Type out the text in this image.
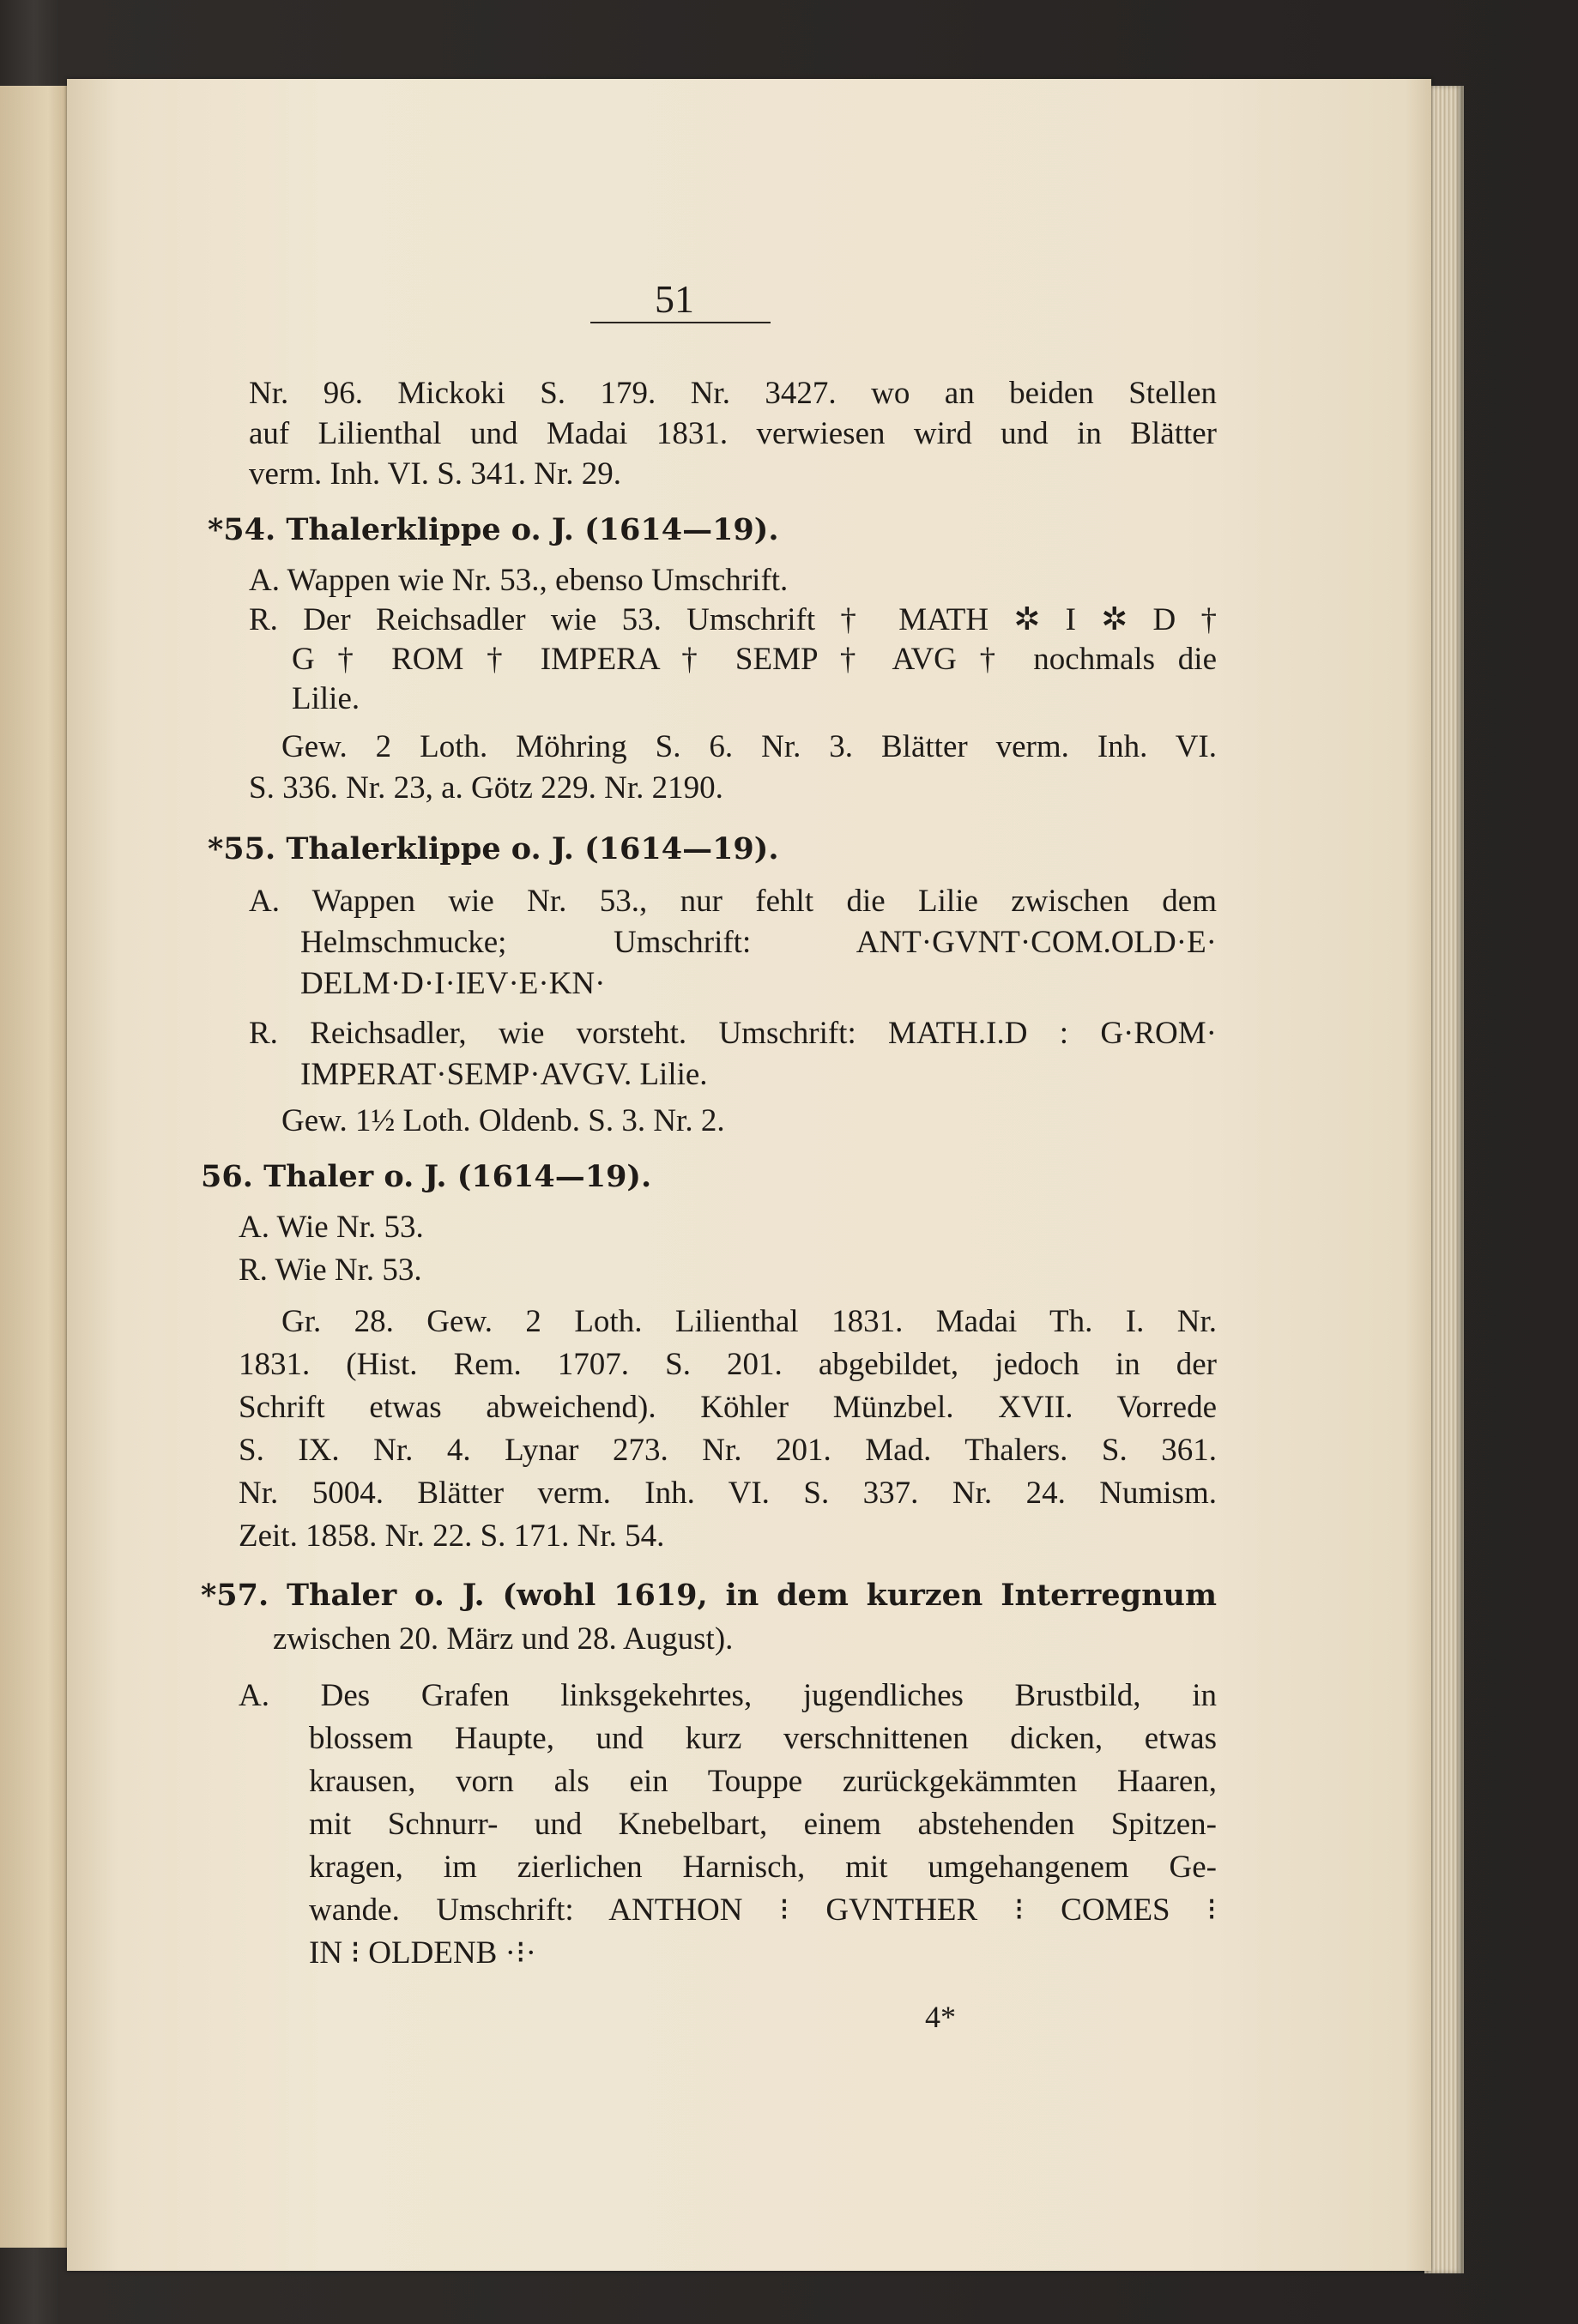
51
Nr. 96. Mickoki S. 179. Nr. 3427. wo an beiden Stellen
auf Lilienthal und Madai 1831. verwiesen wird und in Blätter
verm. Inh. VI. S. 341. Nr. 29.
*54. Thalerklippe o. J. (1614—19).
A. Wappen wie Nr. 53., ebenso Umschrift.
R. Der Reichsadler wie 53. Umschrift † MATH ✲ I ✲ D †
G † ROM † IMPERA † SEMP † AVG † nochmals die
Lilie.
Gew. 2 Loth. Möhring S. 6. Nr. 3. Blätter verm. Inh. VI.
S. 336. Nr. 23, a. Götz 229. Nr. 2190.
*55. Thalerklippe o. J. (1614—19).
A. Wappen wie Nr. 53., nur fehlt die Lilie zwischen dem
Helmschmucke; Umschrift: ANT·GVNT·COM.OLD·E·
DELM·D·I·IEV·E·KN·
R. Reichsadler, wie vorsteht. Umschrift: MATH.I.D : G·ROM·
IMPERAT·SEMP·AVGV. Lilie.
Gew. 1½ Loth. Oldenb. S. 3. Nr. 2.
56. Thaler o. J. (1614—19).
A. Wie Nr. 53.
R. Wie Nr. 53.
Gr. 28. Gew. 2 Loth. Lilienthal 1831. Madai Th. I. Nr.
1831. (Hist. Rem. 1707. S. 201. abgebildet, jedoch in der
Schrift etwas abweichend). Köhler Münzbel. XVII. Vorrede
S. IX. Nr. 4. Lynar 273. Nr. 201. Mad. Thalers. S. 361.
Nr. 5004. Blätter verm. Inh. VI. S. 337. Nr. 24. Numism.
Zeit. 1858. Nr. 22. S. 171. Nr. 54.
*57. Thaler o. J. (wohl 1619, in dem kurzen Interregnum
zwischen 20. März und 28. August).
A. Des Grafen linksgekehrtes, jugendliches Brustbild, in
blossem Haupte, und kurz verschnittenen dicken, etwas
krausen, vorn als ein Touppe zurückgekämmten Haaren,
mit Schnurr- und Knebelbart, einem abstehenden Spitzen-
kragen, im zierlichen Harnisch, mit umgehangenem Ge-
wande. Umschrift: ANTHON ⁝ GVNTHER ⁝ COMES ⁝
IN ⁝ OLDENB ·⁝·
4*
